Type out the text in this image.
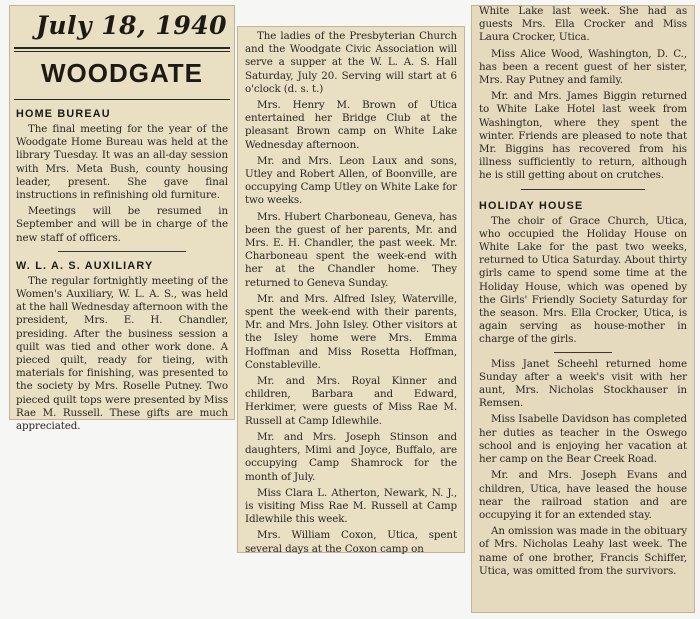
July 18, 1940
WOODGATE
HOME BUREAU

The final meeting for the year of the Woodgate Home Bureau was held at the library Tuesday. It was an all-day session with Mrs. Meta Bush, county housing leader, present. She gave final instructions in refinishing old furniture.

Meetings will be resumed in September and will be in charge of the new staff of officers.

W. L. A. S. AUXILIARY

The regular fortnightly meeting of the Women's Auxiliary, W. L. A. S., was held at the hall Wednesday afternoon with the president, Mrs. E. H. Chandler, presiding. After the business session a quilt was tied and other work done. A pieced quilt, ready for tieing, with materials for finishing, was presented to the society by Mrs. Roselle Putney. Two pieced quilt tops were presented by Miss Rae M. Russell. These gifts are much appreciated.

The ladies of the Presbyterian Church and the Woodgate Civic Association will serve a supper at the W. L. A. S. Hall Saturday, July 20. Serving will start at 6 o'clock (d. s. t.)

Mrs. Henry M. Brown of Utica entertained her Bridge Club at the pleasant Brown camp on White Lake Wednesday afternoon.

Mr. and Mrs. Leon Laux and sons, Utley and Robert Allen, of Boonville, are occupying Camp Utley on White Lake for two weeks.

Mrs. Hubert Charboneau, Geneva, has been the guest of her parents, Mr. and Mrs. E. H. Chandler, the past week. Mr. Charboneau spent the week-end with her at the Chandler home. They returned to Geneva Sunday.

Mr. and Mrs. Alfred Isley, Waterville, spent the week-end with their parents, Mr. and Mrs. John Isley. Other visitors at the Isley home were Mrs. Emma Hoffman and Miss Rosetta Hoffman, Constableville.

Mr. and Mrs. Royal Kinner and children, Barbara and Edward, Herkimer, were guests of Miss Rae M. Russell at Camp Idlewhile.

Mr. and Mrs. Joseph Stinson and daughters, Mimi and Joyce, Buffalo, are occupying Camp Shamrock for the month of July.

Miss Clara L. Atherton, Newark, N. J., is visiting Miss Rae M. Russell at Camp Idlewhile this week.

Mrs. William Coxon, Utica, spent several days at the Coxon camp on

White Lake last week. She had as guests Mrs. Ella Crocker and Miss Laura Crocker, Utica.

Miss Alice Wood, Washington, D. C., has been a recent guest of her sister, Mrs. Ray Putney and family.

Mr. and Mrs. James Biggin returned to White Lake Hotel last week from Washington, where they spent the winter. Friends are pleased to note that Mr. Biggins has recovered from his illness sufficiently to return, although he is still getting about on crutches.

HOLIDAY HOUSE

The choir of Grace Church, Utica, who occupied the Holiday House on White Lake for the past two weeks, returned to Utica Saturday. About thirty girls came to spend some time at the Holiday House, which was opened by the Girls' Friendly Society Saturday for the season. Mrs. Ella Crocker, Utica, is again serving as house-mother in charge of the girls.

Miss Janet Scheehl returned home Sunday after a week's visit with her aunt, Mrs. Nicholas Stockhauser in Remsen.

Miss Isabelle Davidson has completed her duties as teacher in the Oswego school and is enjoying her vacation at her camp on the Bear Creek Road.

Mr. and Mrs. Joseph Evans and children, Utica, have leased the house near the railroad station and are occupying it for an extended stay.

An omission was made in the obituary of Mrs. Nicholas Leahy last week. The name of one brother, Francis Schiffer, Utica, was omitted from the survivors.
